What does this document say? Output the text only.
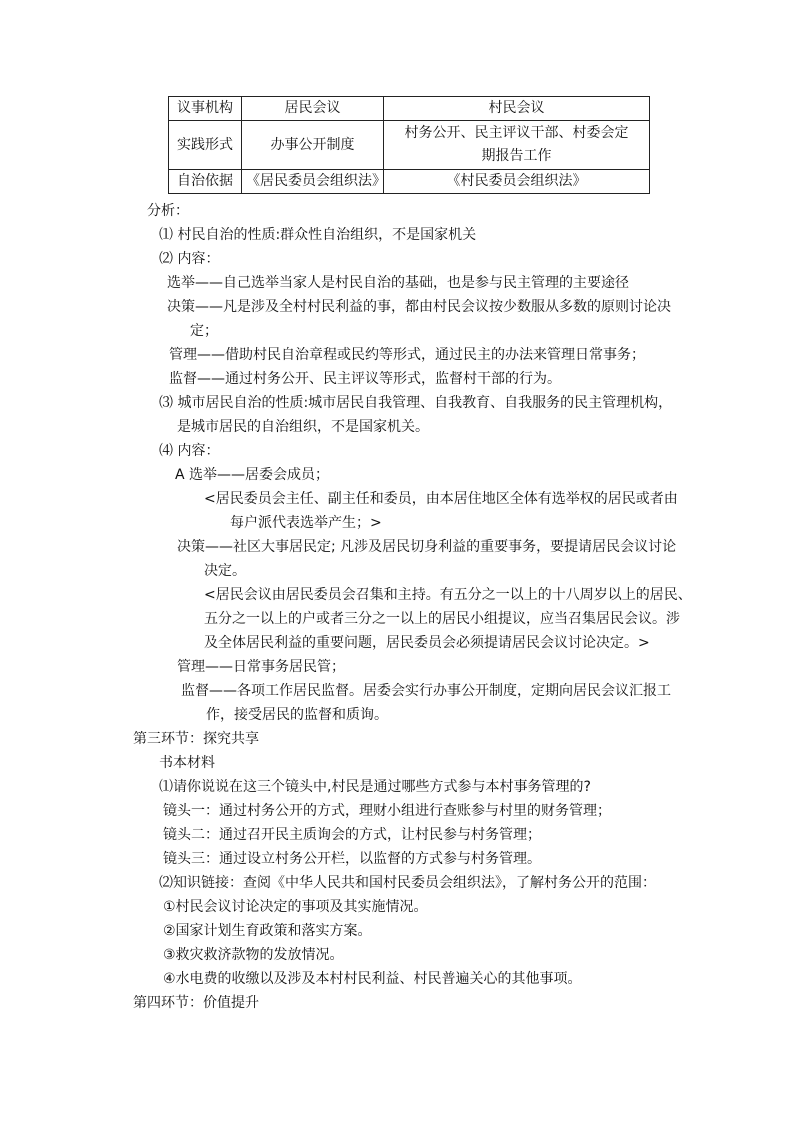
议事机构	居民会议	村民会议
实践形式	办事公开制度	村务公开、民主评议干部、村委会定
期报告工作

自治依据	《居民委员会组织法》	《村民委员会组织法》
分析：
⑴ 村民自治的性质:群众性自治组织，不是国家机关
⑵ 内容：
选举——自己选举当家人是村民自治的基础，也是参与民主管理的主要途径
决策——凡是涉及全村村民利益的事，都由村民会议按少数服从多数的原则讨论决
定；
管理——借助村民自治章程或民约等形式，通过民主的办法来管理日常事务；
监督——通过村务公开、民主评议等形式，监督村干部的行为。
⑶ 城市居民自治的性质:城市居民自我管理、自我教育、自我服务的民主管理机构，
是城市居民的自治组织，不是国家机关。
⑷ 内容：
A 选举——居委会成员；
<居民委员会主任、副主任和委员，由本居住地区全体有选举权的居民或者由
每户派代表选举产生；>
决策——社区大事居民定; 凡涉及居民切身利益的重要事务，要提请居民会议讨论
决定。
<居民会议由居民委员会召集和主持。有五分之一以上的十八周岁以上的居民、
五分之一以上的户或者三分之一以上的居民小组提议，应当召集居民会议。涉
及全体居民利益的重要问题，居民委员会必须提请居民会议讨论决定。>
管理——日常事务居民管；
监督——各项工作居民监督。居委会实行办事公开制度，定期向居民会议汇报工
作，接受居民的监督和质询。
第三环节：探究共享
书本材料
⑴请你说说在这三个镜头中,村民是通过哪些方式参与本村事务管理的?
镜头一：通过村务公开的方式，理财小组进行查账参与村里的财务管理；
镜头二：通过召开民主质询会的方式，让村民参与村务管理；
镜头三：通过设立村务公开栏，以监督的方式参与村务管理。
⑵知识链接：查阅《中华人民共和国村民委员会组织法》，了解村务公开的范围：
①村民会议讨论决定的事项及其实施情况。
②国家计划生育政策和落实方案。
③救灾救济款物的发放情况。
④水电费的收缴以及涉及本村村民利益、村民普遍关心的其他事项。
第四环节：价值提升
